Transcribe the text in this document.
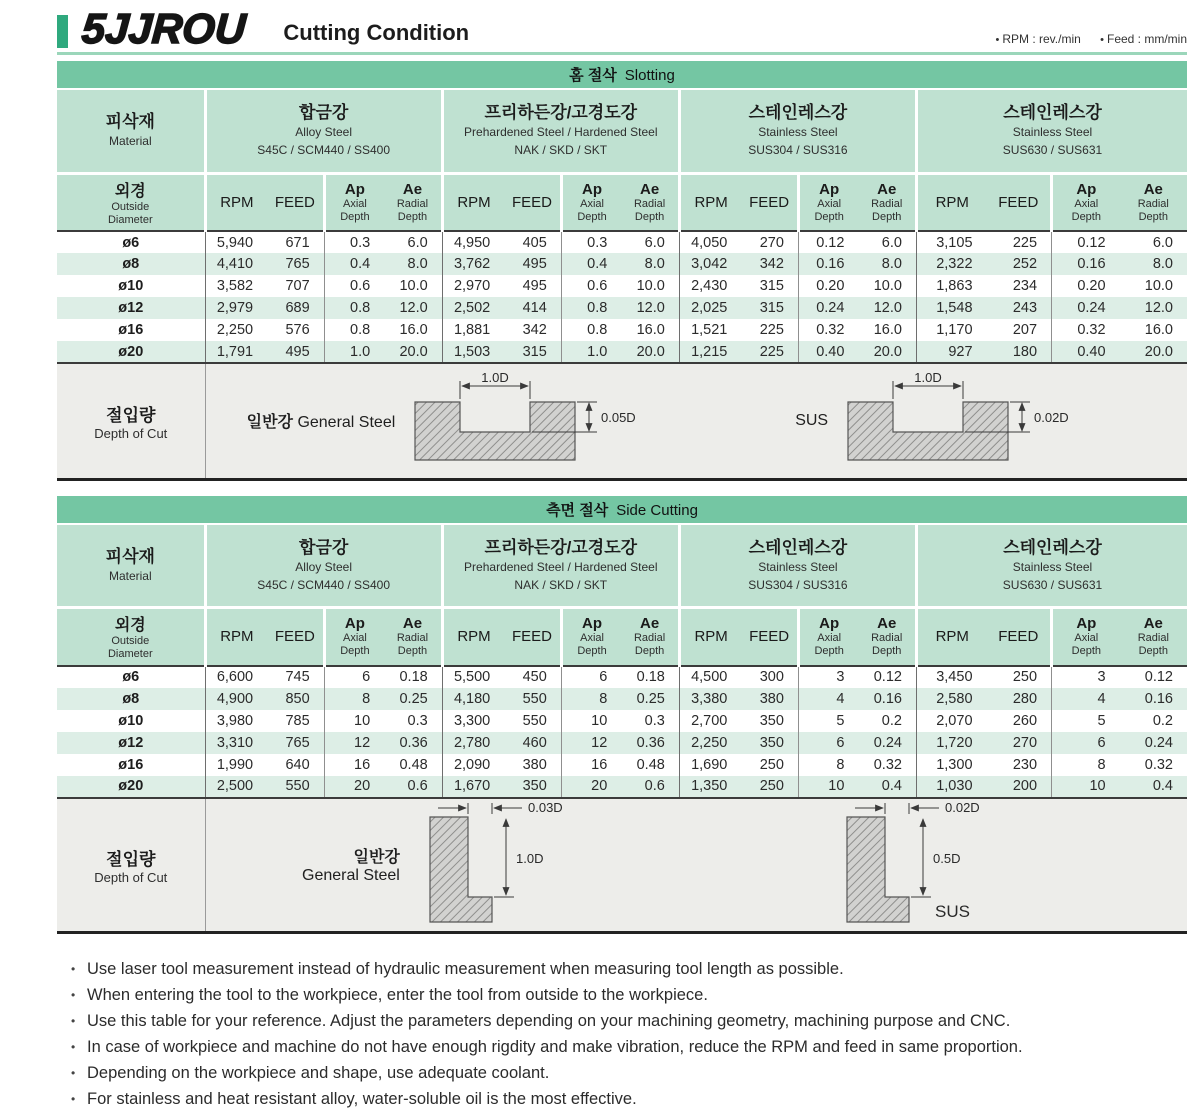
5JJROU Cutting Condition	• RPM : rev./min • Feed : mm/min
홈 절삭 Slotting																

피삭재
Material

합금강
Alloy Steel
S45C / SCM440 / SS400

프리하든강/고경도강
Prehardened Steel / Hardened Steel
NAK / SKD / SKT

스테인레스강
Stainless Steel
SUS304 / SUS316

스테인레스강
Stainless Steel
SUS630 / SUS631

외경
Outside
Diameter
	RPM	FEED	
Ap
Axial
Depth

Ae
Radial
Depth
	RPM	FEED	
Ap
Axial
Depth

Ae
Radial
Depth
	RPM	FEED	
Ap
Axial
Depth

Ae
Radial
Depth
	RPM	FEED	
Ap
Axial
Depth

Ae
Radial
Depth

ø6	5,940	671	0.3	6.0	4,950	405	0.3	6.0	4,050	270	0.12	6.0	3,105	225	0.12	6.0
ø8	4,410	765	0.4	8.0	3,762	495	0.4	8.0	3,042	342	0.16	8.0	2,322	252	0.16	8.0
ø10	3,582	707	0.6	10.0	2,970	495	0.6	10.0	2,430	315	0.20	10.0	1,863	234	0.20	10.0
ø12	2,979	689	0.8	12.0	2,502	414	0.8	12.0	2,025	315	0.24	12.0	1,548	243	0.24	12.0
ø16	2,250	576	0.8	16.0	1,881	342	0.8	16.0	1,521	225	0.32	16.0	1,170	207	0.32	16.0
ø20	1,791	495	1.0	20.0	1,503	315	1.0	20.0	1,215	225	0.40	20.0	927	180	0.40	20.0

절입량
Depth of Cut

일반강 General Steel
1.0D
0.05D	SUS
1.0D
0.02D
측면 절삭 Side Cutting																

피삭재
Material

합금강
Alloy Steel
S45C / SCM440 / SS400

프리하든강/고경도강
Prehardened Steel / Hardened Steel
NAK / SKD / SKT

스테인레스강
Stainless Steel
SUS304 / SUS316

스테인레스강
Stainless Steel
SUS630 / SUS631

외경
Outside
Diameter
	RPM	FEED	
Ap
Axial
Depth

Ae
Radial
Depth
	RPM	FEED	
Ap
Axial
Depth

Ae
Radial
Depth
	RPM	FEED	
Ap
Axial
Depth

Ae
Radial
Depth
	RPM	FEED	
Ap
Axial
Depth

Ae
Radial
Depth

ø6	6,600	745	6	0.18	5,500	450	6	0.18	4,500	300	3	0.12	3,450	250	3	0.12
ø8	4,900	850	8	0.25	4,180	550	8	0.25	3,380	380	4	0.16	2,580	280	4	0.16
ø10	3,980	785	10	0.3	3,300	550	10	0.3	2,700	350	5	0.2	2,070	260	5	0.2
ø12	3,310	765	12	0.36	2,780	460	12	0.36	2,250	350	6	0.24	1,720	270	6	0.24
ø16	1,990	640	16	0.48	2,090	380	16	0.48	1,690	250	8	0.32	1,300	230	8	0.32
ø20	2,500	550	20	0.6	1,670	350	20	0.6	1,350	250	10	0.4	1,030	200	10	0.4

절입량
Depth of Cut

일반강
General Steel
0.03D
1.0D
0.02D
0.5D
SUS
• Use laser tool measurement instead of hydraulic measurement when measuring tool length as possible.
• When entering the tool to the workpiece, enter the tool from outside to the workpiece.
• Use this table for your reference. Adjust the parameters depending on your machining geometry, machining purpose and CNC.
• In case of workpiece and machine do not have enough rigdity and make vibration, reduce the RPM and feed in same proportion.
• Depending on the workpiece and shape, use adequate coolant.
• For stainless and heat resistant alloy, water-soluble oil is the most effective.
